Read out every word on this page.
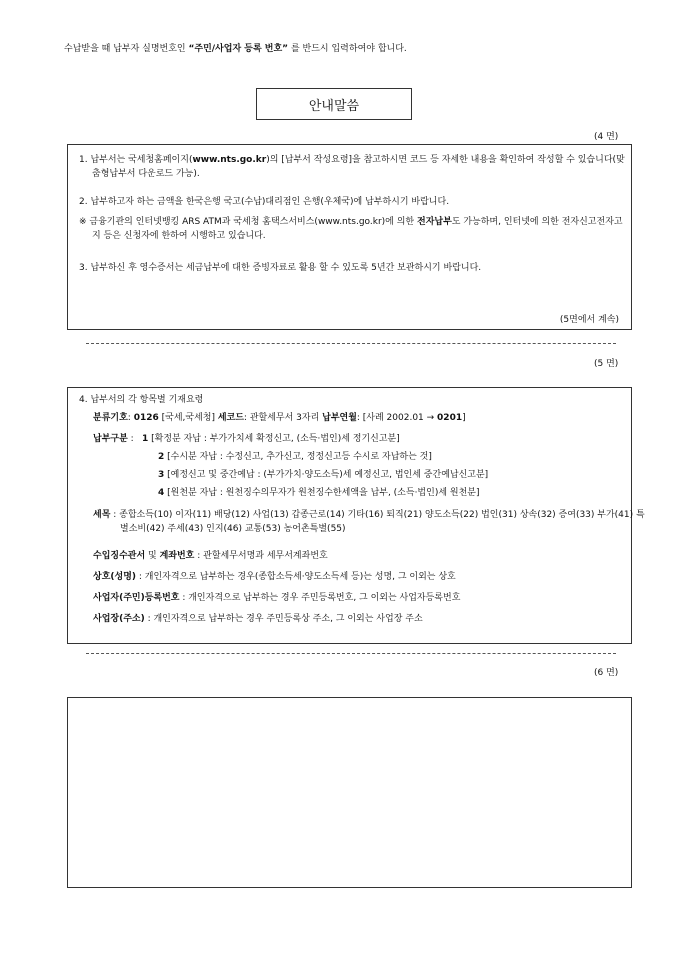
수납받을 때 납부자 실명번호인 “주민/사업자 등록 번호” 를 반드시 입력하여야 합니다.
안내말씀
(4 면)
1. 납부서는 국세청홈페이지(www.nts.go.kr)의 [납부서 작성요령]을 참고하시면 코드 등 자세한 내용을 확인하여 작성할 수 있습니다(맞춤형납부서 다운로드 가능).
2. 납부하고자 하는 금액을 한국은행 국고(수납)대리점인 은행(우체국)에 납부하시기 바랍니다.
※ 금융기관의 인터넷뱅킹 ARS ATM과 국세청 홈택스서비스(www.nts.go.kr)에 의한 전자납부도 가능하며, 인터넷에 의한 전자신고전자고지 등은 신청자에 한하여 시행하고 있습니다.
3. 납부하신 후 영수증서는 세금납부에 대한 증빙자료로 활용 할 수 있도록 5년간 보관하시기 바랍니다.
(5면에서 계속)
(5 면)
4. 납부서의 각 항목별 기재요령
분류기호: 0126 [국세,국세청] 세코드: 관할세무서 3자리 납부연월: [사례 2002.01 → 0201]
납부구분 : 1 [확정분 자납 : 부가가치세 확정신고, (소득·법인)세 정기신고분]
2 [수시분 자납 : 수정신고, 추가신고, 정정신고등 수시로 자납하는 것]
3 [예정신고 및 중간예납 : (부가가치·양도소득)세 예정신고, 법인세 중간예납신고분]
4 [원천분 자납 : 원천징수의무자가 원천징수한세액을 납부, (소득·법인)세 원천분]
세목 : 종합소득(10) 이자(11) 배당(12) 사업(13) 갑종근로(14) 기타(16) 퇴직(21) 양도소득(22) 법인(31) 상속(32) 증여(33) 부가(41) 특별소비(42) 주세(43) 인지(46) 교통(53) 농어촌특별(55)
수입징수관서 및 계좌번호 : 관할세무서명과 세무서계좌번호
상호(성명) : 개인자격으로 납부하는 경우(종합소득세·양도소득세 등)는 성명, 그 이외는 상호
사업자(주민)등록번호 : 개인자격으로 납부하는 경우 주민등록번호, 그 이외는 사업자등록번호
사업장(주소) : 개인자격으로 납부하는 경우 주민등록상 주소, 그 이외는 사업장 주소
(6 면)
